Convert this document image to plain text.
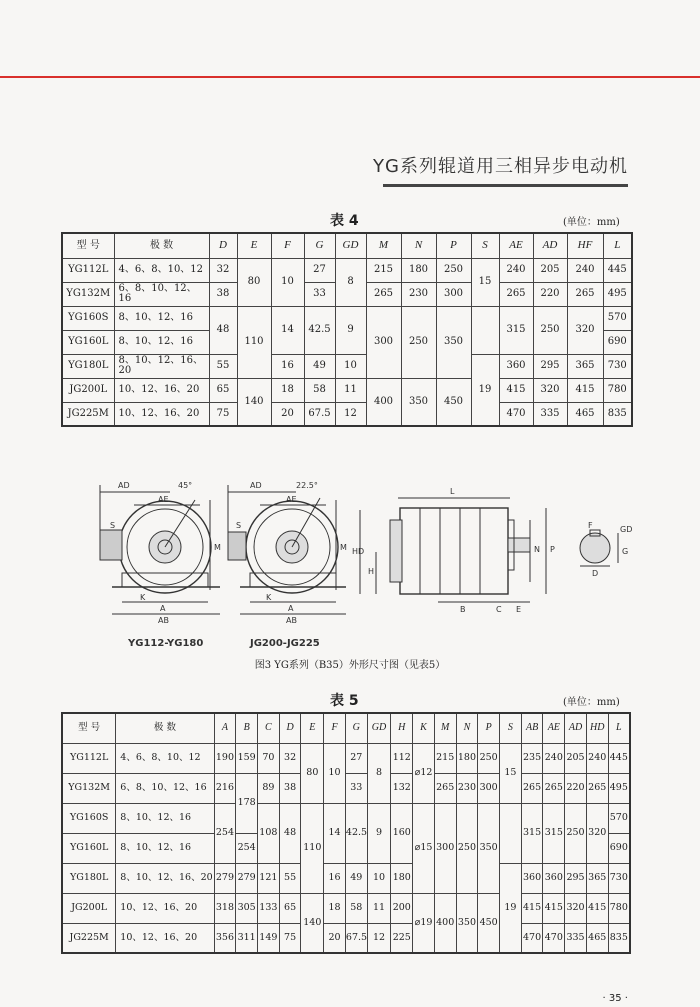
YG系列辊道用三相异步电动机
表 4	(单位：mm)
型 号	极 数	D	E	F	G	GD	M	N	P	S	AE	AD	HF	L
YG112L	4、6、8、10、12	32	80	10	27	8	215	180	250	15	240	205	240	445
YG132M	6、8、10、12、16	38			33		265	230	300		265	220	265	495
YG160S	8、10、12、16	48	110	14	42.5	9	300	250	350		315	250	320	570
YG160L	8、10、12、16													690
YG180L	8、10、12、16、20	55		16	49	10				19	360	295	365	730
JG200L	10、12、16、20	65	140	18	58	11	400	350	450		415	320	415	780
JG225M	10、12、16、20	75		20	67.5	12					470	335	465	835
AD	45°
AE
S
M
K
A
AB
AD	22.5°
AE
S
M
K
A
AB
L
HD
H
N P
B	C E
F	GD
G
D
YG112-YG180	JG200-JG225
图3 YG系列（B35）外形尺寸图（见表5）
表 5	(单位：mm)
型 号	极 数	A	B	C	D	E	F	G	GD	H	K	M	N	P	S	AB	AE	AD	HD	L
YG112L	4、6、8、10、12	190	159	70	32	80	10	27	8	112	⌀12	215	180	250	15	235	240	205	240	445
YG132M	6、8、10、12、16	216	178	89	38			33		132		265	230	300		265	265	220	265	495
YG160S	8、10、12、16	254		108	48	110	14	42.5	9	160	⌀15	300	250	350		315	315	250	320	570
YG160L	8、10、12、16		254																	690
YG180L	8、10、12、16、20	279	279	121	55		16	49	10	180					19	360	360	295	365	730
JG200L	10、12、16、20	318	305	133	65	140	18	58	11	200	⌀19	400	350	450		415	415	320	415	780
JG225M	10、12、16、20	356	311	149	75		20	67.5	12	225						470	470	335	465	835
· 35 ·
